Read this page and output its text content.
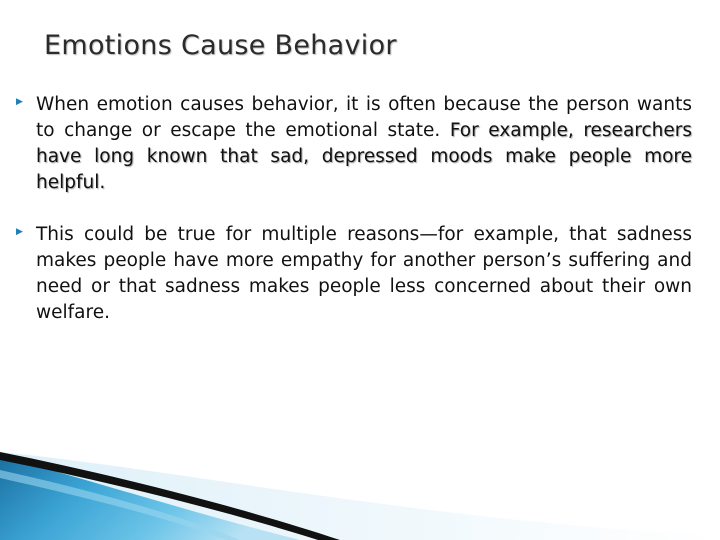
Emotions Cause Behavior
▶ When emotion causes behavior, it is often because the person wants to change or escape the emotional state. For example, researchers have long known that sad, depressed moods make people more helpful.

▶ This could be true for multiple reasons—for example, that sadness makes people have more empathy for another person’s suffering and need or that sadness makes people less concerned about their own welfare.
